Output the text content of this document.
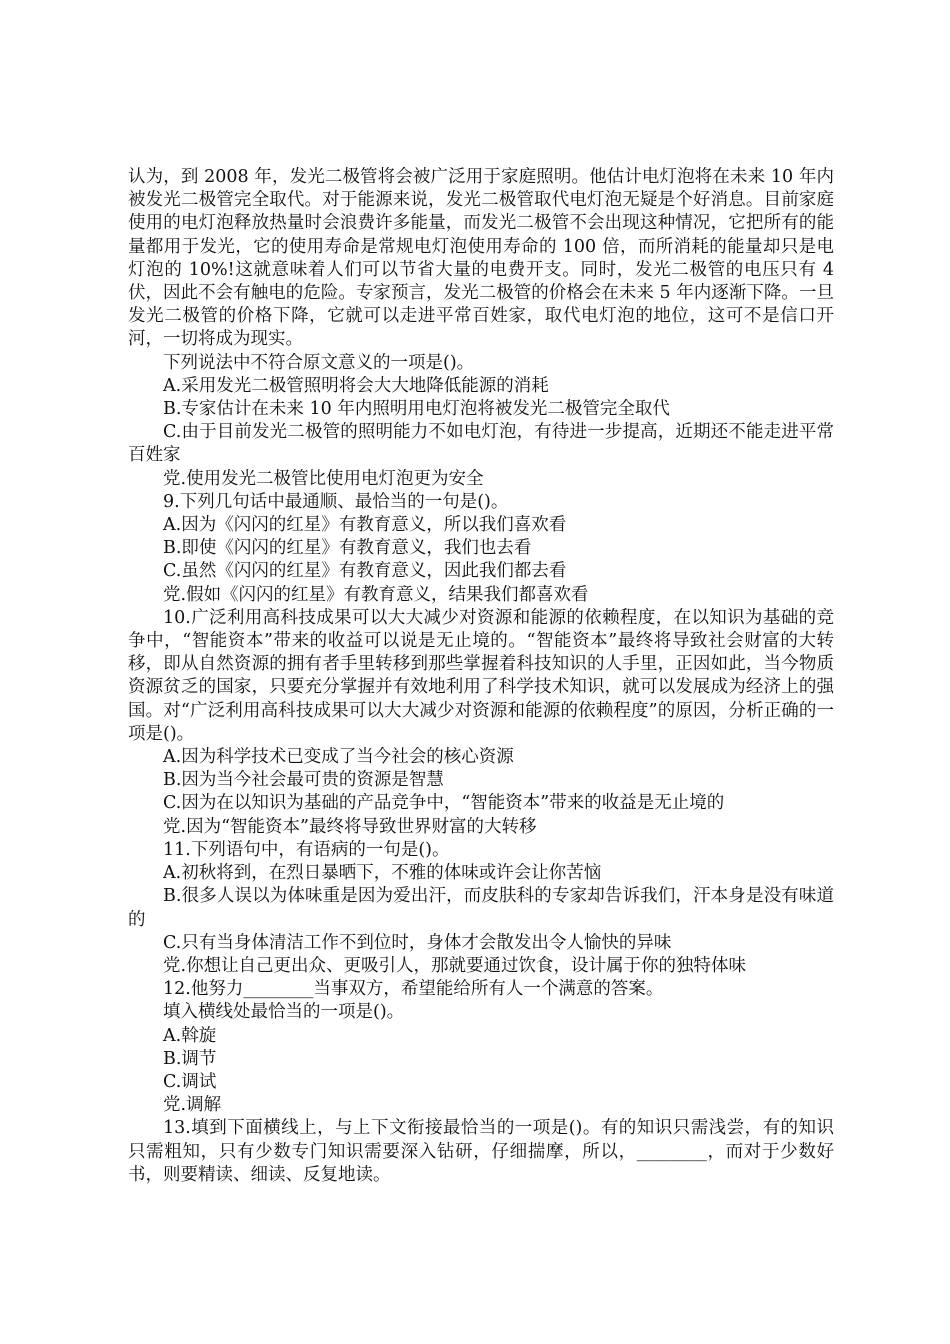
认为，到 2008 年，发光二极管将会被广泛用于家庭照明。他估计电灯泡将在未来 10 年内被发光二极管完全取代。对于能源来说，发光二极管取代电灯泡无疑是个好消息。目前家庭使用的电灯泡释放热量时会浪费许多能量，而发光二极管不会出现这种情况，它把所有的能量都用于发光，它的使用寿命是常规电灯泡使用寿命的 100 倍，而所消耗的能量却只是电灯泡的 10%!这就意味着人们可以节省大量的电费开支。同时，发光二极管的电压只有 4 伏，因此不会有触电的危险。专家预言，发光二极管的价格会在未来 5 年内逐渐下降。一旦发光二极管的价格下降，它就可以走进平常百姓家，取代电灯泡的地位，这可不是信口开河，一切将成为现实。

下列说法中不符合原文意义的一项是()。

A.采用发光二极管照明将会大大地降低能源的消耗

B.专家估计在未来 10 年内照明用电灯泡将被发光二极管完全取代

C.由于目前发光二极管的照明能力不如电灯泡，有待进一步提高，近期还不能走进平常百姓家

党.使用发光二极管比使用电灯泡更为安全

9.下列几句话中最通顺、最恰当的一句是()。

A.因为《闪闪的红星》有教育意义，所以我们喜欢看

B.即使《闪闪的红星》有教育意义，我们也去看

C.虽然《闪闪的红星》有教育意义，因此我们都去看

党.假如《闪闪的红星》有教育意义，结果我们都喜欢看

10.广泛利用高科技成果可以大大减少对资源和能源的依赖程度，在以知识为基础的竞争中，“智能资本”带来的收益可以说是无止境的。“智能资本”最终将导致社会财富的大转移，即从自然资源的拥有者手里转移到那些掌握着科技知识的人手里，正因如此，当今物质资源贫乏的国家，只要充分掌握并有效地利用了科学技术知识，就可以发展成为经济上的强国。对“广泛利用高科技成果可以大大减少对资源和能源的依赖程度”的原因，分析正确的一项是()。

A.因为科学技术已变成了当今社会的核心资源

B.因为当今社会最可贵的资源是智慧

C.因为在以知识为基础的产品竞争中，“智能资本”带来的收益是无止境的

党.因为“智能资本”最终将导致世界财富的大转移

11.下列语句中，有语病的一句是()。

A.初秋将到，在烈日暴晒下，不雅的体味或许会让你苦恼

B.很多人误以为体味重是因为爱出汗，而皮肤科的专家却告诉我们，汗本身是没有味道的

C.只有当身体清洁工作不到位时，身体才会散发出令人愉快的异味

党.你想让自己更出众、更吸引人，那就要通过饮食，设计属于你的独特体味

12.他努力________当事双方，希望能给所有人一个满意的答案。

填入横线处最恰当的一项是()。

A.斡旋

B.调节

C.调试

党.调解

13.填到下面横线上，与上下文衔接最恰当的一项是()。有的知识只需浅尝，有的知识只需粗知，只有少数专门知识需要深入钻研，仔细揣摩，所以，________，而对于少数好书，则要精读、细读、反复地读。
